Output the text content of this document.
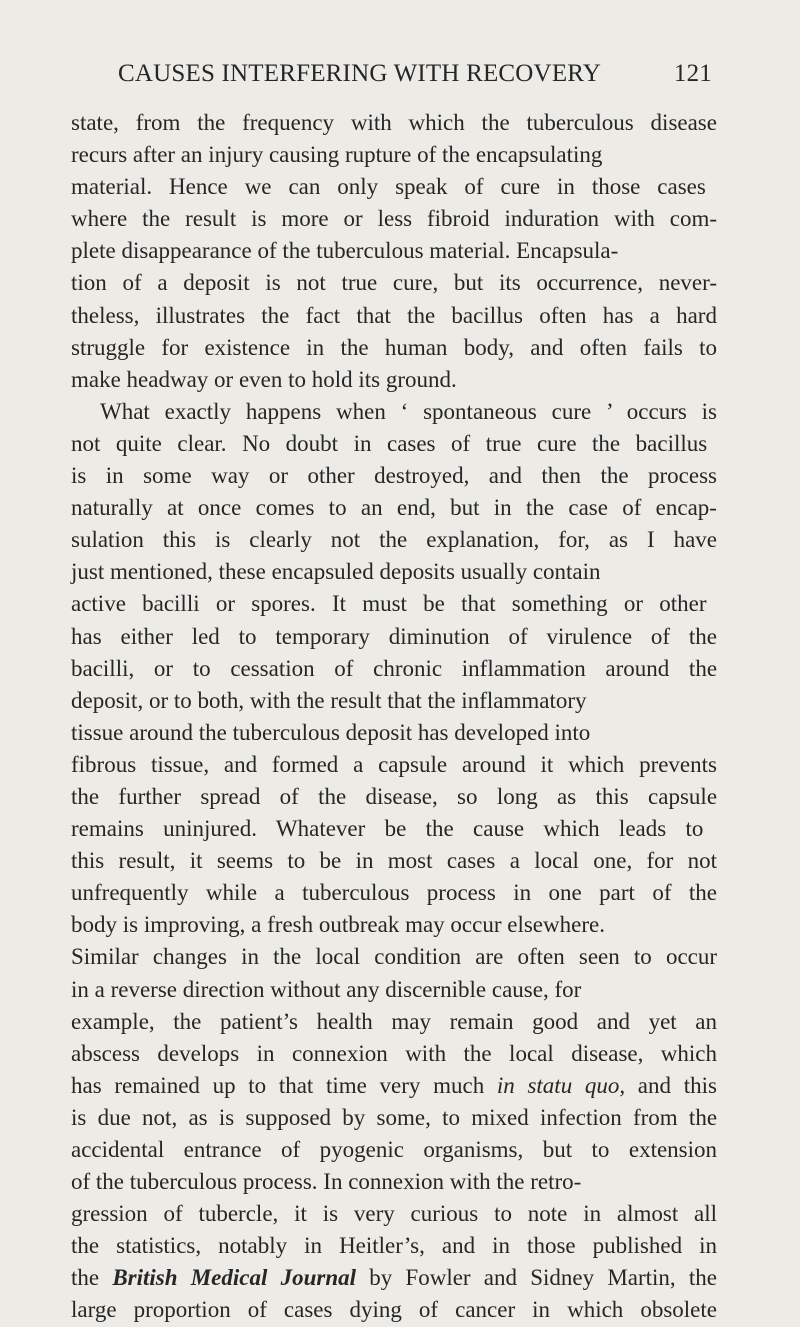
CAUSES INTERFERING WITH RECOVERY	121
state, from the frequency with which the tuberculous disease
recurs after an injury causing rupture of the encapsulating
material. Hence we can only speak of cure in those cases
where the result is more or less fibroid induration with com-
plete disappearance of the tuberculous material. Encapsula-
tion of a deposit is not true cure, but its occurrence, never-
theless, illustrates the fact that the bacillus often has a hard
struggle for existence in the human body, and often fails to
make headway or even to hold its ground.
What exactly happens when ‘ spontaneous cure ’ occurs is
not quite clear. No doubt in cases of true cure the bacillus
is in some way or other destroyed, and then the process
naturally at once comes to an end, but in the case of encap-
sulation this is clearly not the explanation, for, as I have
just mentioned, these encapsuled deposits usually contain
active bacilli or spores. It must be that something or other
has either led to temporary diminution of virulence of the
bacilli, or to cessation of chronic inflammation around the
deposit, or to both, with the result that the inflammatory
tissue around the tuberculous deposit has developed into
fibrous tissue, and formed a capsule around it which prevents
the further spread of the disease, so long as this capsule
remains uninjured. Whatever be the cause which leads to
this result, it seems to be in most cases a local one, for not
unfrequently while a tuberculous process in one part of the
body is improving, a fresh outbreak may occur elsewhere.
Similar changes in the local condition are often seen to occur
in a reverse direction without any discernible cause, for
example, the patient’s health may remain good and yet an
abscess develops in connexion with the local disease, which
has remained up to that time very much in statu quo, and this
is due not, as is supposed by some, to mixed infection from the
accidental entrance of pyogenic organisms, but to extension
of the tuberculous process. In connexion with the retro-
gression of tubercle, it is very curious to note in almost all
the statistics, notably in Heitler’s, and in those published in
the British Medical Journal by Fowler and Sidney Martin, the
large proportion of cases dying of cancer in which obsolete
